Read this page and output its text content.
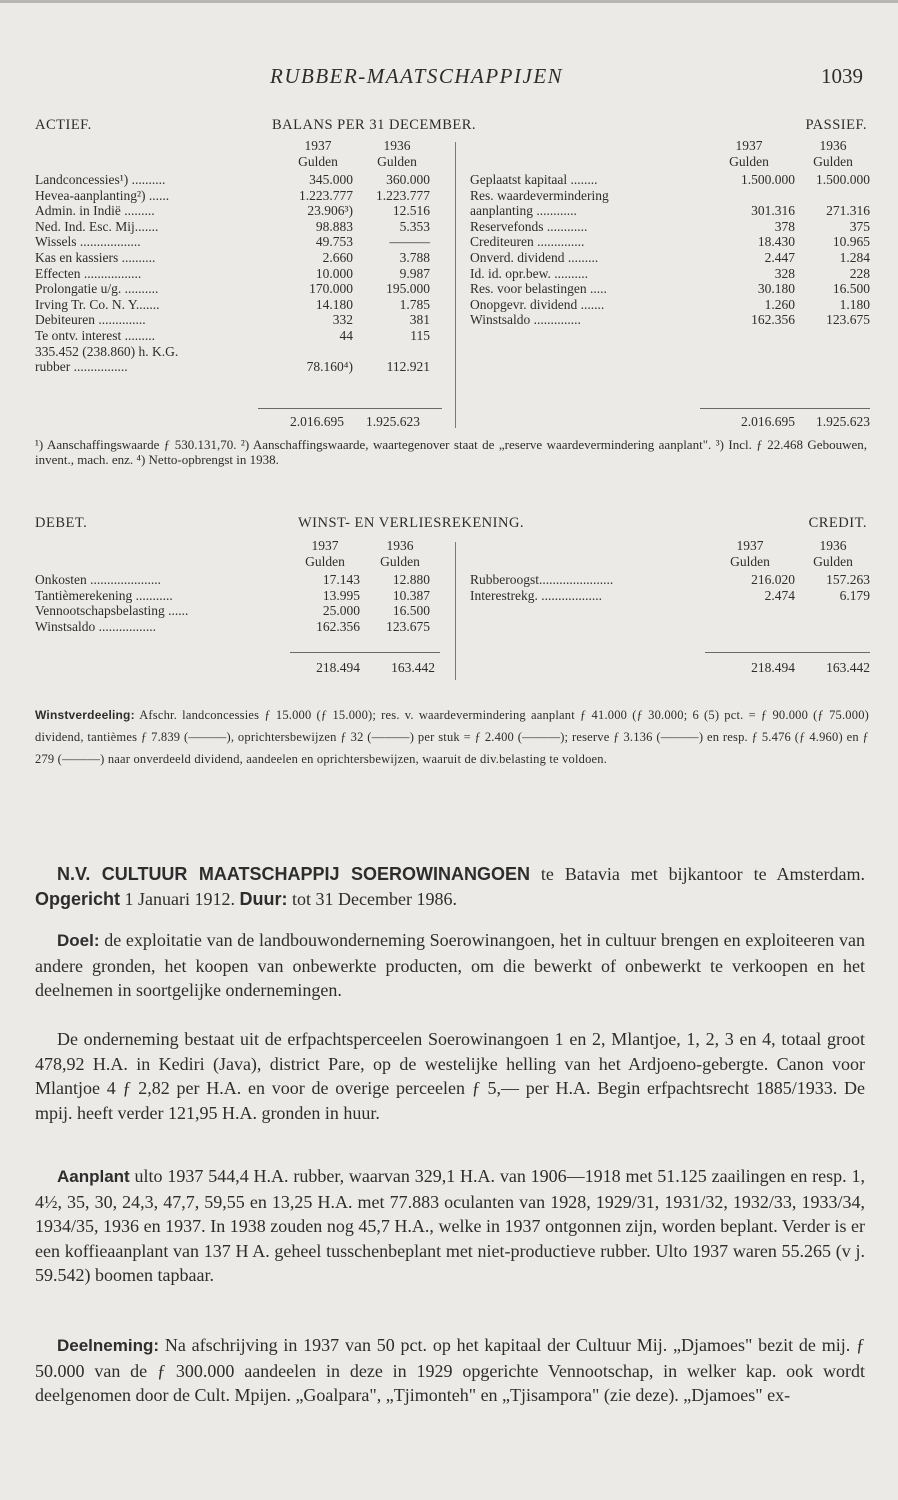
RUBBER-MAATSCHAPPIJEN	1039
ACTIEF.	BALANS PER 31 DECEMBER.	PASSIEF.
1937
Gulden
1936
Gulden
1937
Gulden
1936
Gulden
Landconcessies¹) ..........	345.000 360.000
Hevea-aanplanting²) ......	1.223.777 1.223.777
Admin. in Indië .........	23.906³)	12.516
Ned. Ind. Esc. Mij.......	98.883	5.353
Wissels ..................	49.753	———
Kas en kassiers ..........	2.660	3.788
Effecten .................	10.000	9.987
Prolongatie u/g. ..........	170.000 195.000
Irving Tr. Co. N. Y.......	14.180	1.785
Debiteuren ..............	332	381
Te ontv. interest .........	44	115
335.452 (238.860) h. K.G.
rubber ................	78.160⁴) 112.921
Geplaatst kapitaal ........	1.500.000 1.500.000
Res. waardevermindering
aanplanting ............	301.316 271.316
Reservefonds ............	378	375
Crediteuren ..............	18.430	10.965
Onverd. dividend .........	2.447	1.284
Id. id. opr.bew. ..........	328	228
Res. voor belastingen .....	30.180	16.500
Onopgevr. dividend .......	1.260	1.180
Winstsaldo ..............	162.356 123.675
2.016.695	1.925.623	2.016.695	1.925.623
¹) Aanschaffingswaarde ƒ 530.131,70. ²) Aanschaffingswaarde, waartegenover staat de „reserve waardevermindering aanplant". ³) Incl. ƒ 22.468 Gebouwen, invent., mach. enz. ⁴) Netto-opbrengst in 1938.
DEBET.	WINST- EN VERLIESREKENING.	CREDIT.
1937
Gulden
1936
Gulden
1937
Gulden
1936
Gulden
Onkosten .....................	17.143 12.880
Tantièmerekening ...........	13.995 10.387
Vennootschapsbelasting ......	25.000 16.500
Winstsaldo .................	162.356 123.675
Rubberoogst......................	216.020 157.263
Interestrekg. ..................	2.474	6.179
218.494	163.442	218.494	163.442
Winstverdeeling: Afschr. landconcessies ƒ 15.000 (ƒ 15.000); res. v. waardevermindering aanplant ƒ 41.000 (ƒ 30.000; 6 (5) pct. = ƒ 90.000 (ƒ 75.000) dividend, tantièmes ƒ 7.839 (———), oprichtersbewijzen ƒ 32 (———) per stuk = ƒ 2.400 (———); reserve ƒ 3.136 (———) en resp. ƒ 5.476 (ƒ 4.960) en ƒ 279 (———) naar onverdeeld dividend, aandeelen en oprichtersbewijzen, waaruit de div.belasting te voldoen.
N.V. CULTUUR MAATSCHAPPIJ SOEROWINANGOEN te Batavia met bijkantoor te Amsterdam. Opgericht 1 Januari 1912. Duur: tot 31 December 1986.
Doel: de exploitatie van de landbouwonderneming Soerowinangoen, het in cultuur brengen en exploiteeren van andere gronden, het koopen van onbewerkte producten, om die bewerkt of onbewerkt te verkoopen en het deelnemen in soortgelijke ondernemingen.
De onderneming bestaat uit de erfpachtsperceelen Soerowinangoen 1 en 2, Mlantjoe, 1, 2, 3 en 4, totaal groot 478,92 H.A. in Kediri (Java), district Pare, op de westelijke helling van het Ardjoeno-gebergte. Canon voor Mlantjoe 4 ƒ 2,82 per H.A. en voor de overige perceelen ƒ 5,— per H.A. Begin erfpachtsrecht 1885/1933. De mpij. heeft verder 121,95 H.A. gronden in huur.
Aanplant ulto 1937 544,4 H.A. rubber, waarvan 329,1 H.A. van 1906—1918 met 51.125 zaailingen en resp. 1, 4½, 35, 30, 24,3, 47,7, 59,55 en 13,25 H.A. met 77.883 oculanten van 1928, 1929/31, 1931/32, 1932/33, 1933/34, 1934/35, 1936 en 1937. In 1938 zouden nog 45,7 H.A., welke in 1937 ontgonnen zijn, worden beplant. Verder is er een koffieaanplant van 137 H A. geheel tusschenbeplant met niet-productieve rubber. Ulto 1937 waren 55.265 (v j. 59.542) boomen tapbaar.
Deelneming: Na afschrijving in 1937 van 50 pct. op het kapitaal der Cultuur Mij. „Djamoes" bezit de mij. ƒ 50.000 van de ƒ 300.000 aandeelen in deze in 1929 opgerichte Vennootschap, in welker kap. ook wordt deelgenomen door de Cult. Mpijen. „Goalpara", „Tjimonteh" en „Tjisampora" (zie deze). „Djamoes" ex-
